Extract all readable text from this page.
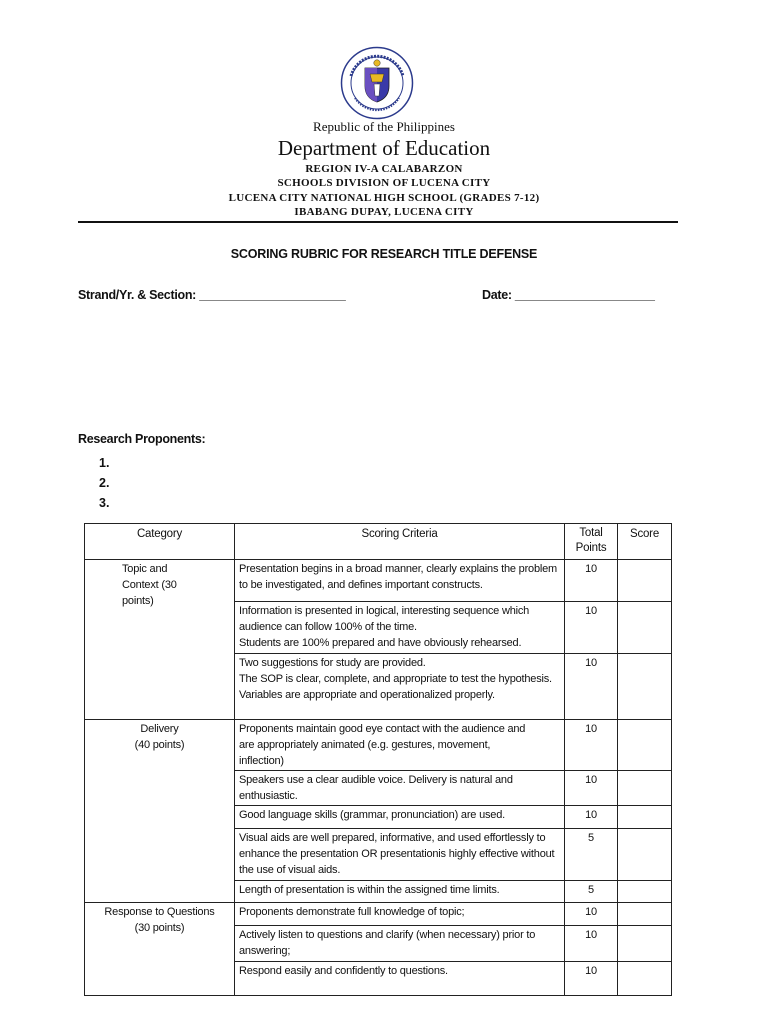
Republic of the Philippines
Department of Education
REGION IV-A CALABARZON
SCHOOLS DIVISION OF LUCENA CITY
LUCENA CITY NATIONAL HIGH SCHOOL (GRADES 7-12)
IBABANG DUPAY, LUCENA CITY
SCORING RUBRIC FOR RESEARCH TITLE DEFENSE
Strand/Yr. & Section: ______________________	Date: _____________________
Research Proponents:
1.
2.
3.
Category	Scoring Criteria	Total Points	Score
Topic and
Context (30
points)	Presentation begins in a broad manner, clearly explains the problem to be investigated, and defines important constructs.	10	
	Information is presented in logical, interesting sequence which audience can follow 100% of the time.
Students are 100% prepared and have obviously rehearsed.	10	
	Two suggestions for study are provided.
The SOP is clear, complete, and appropriate to test the hypothesis.
Variables are appropriate and operationalized properly.	10	
Delivery
(40 points)	Proponents maintain good eye contact with the audience and
are appropriately animated (e.g. gestures, movement,
inflection)	10	
	Speakers use a clear audible voice. Delivery is natural and enthusiastic.	10	
	Good language skills (grammar, pronunciation) are used.	10	
	Visual aids are well prepared, informative, and used effortlessly to enhance the presentation OR presentationis highly effective without the use of visual aids.	5	
	Length of presentation is within the assigned time limits.	5	
Response to Questions
(30 points)	Proponents demonstrate full knowledge of topic;	10	
	Actively listen to questions and clarify (when necessary) prior to answering;	10	
	Respond easily and confidently to questions.	10	
